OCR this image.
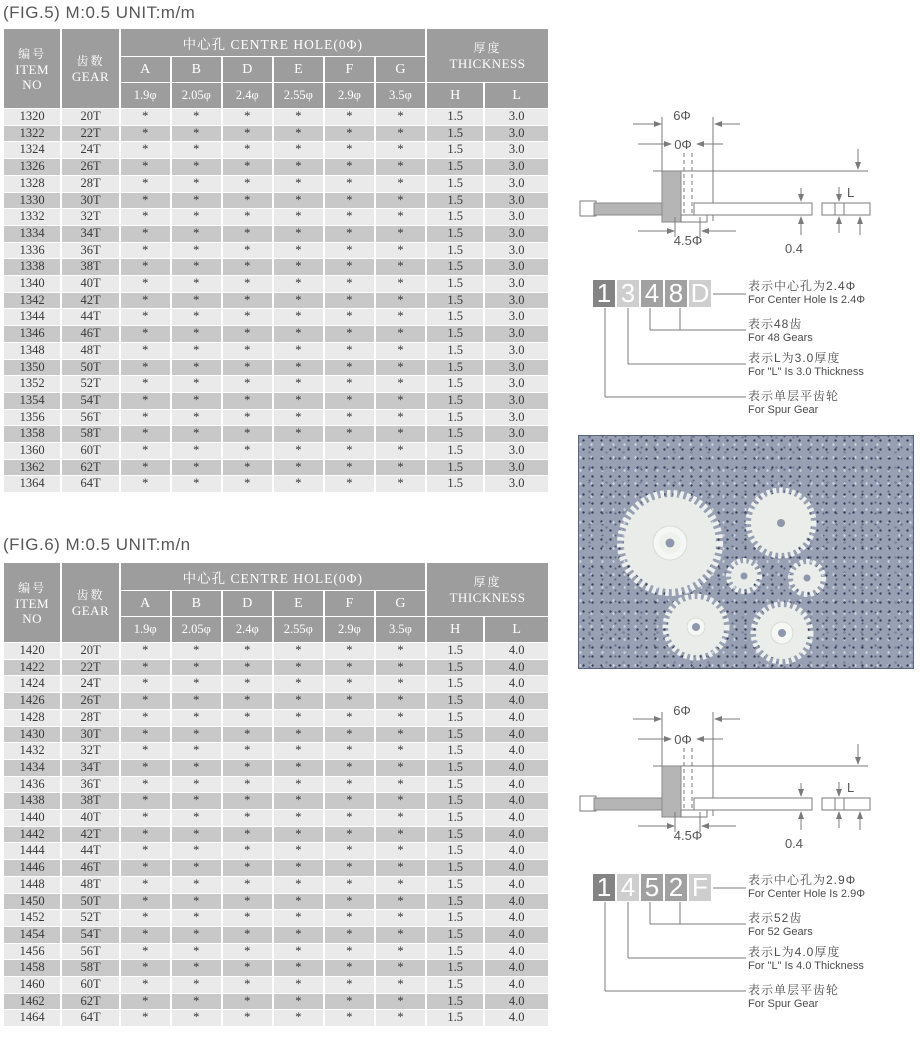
(FIG.5) M:0.5 UNIT:m/m
编号
ITEM NO	齿数
GEAR	中心孔 CENTRE HOLE(0Φ)						厚度
THICKNESS	

		A	B	D	E	F	G		
		1.9φ	2.05φ	2.4φ	2.55φ	2.9φ	3.5φ	H	L
1320	20T	*	*	*	*	*	*	1.5	3.0
1322	22T	*	*	*	*	*	*	1.5	3.0
1324	24T	*	*	*	*	*	*	1.5	3.0
1326	26T	*	*	*	*	*	*	1.5	3.0
1328	28T	*	*	*	*	*	*	1.5	3.0
1330	30T	*	*	*	*	*	*	1.5	3.0
1332	32T	*	*	*	*	*	*	1.5	3.0
1334	34T	*	*	*	*	*	*	1.5	3.0
1336	36T	*	*	*	*	*	*	1.5	3.0
1338	38T	*	*	*	*	*	*	1.5	3.0
1340	40T	*	*	*	*	*	*	1.5	3.0
1342	42T	*	*	*	*	*	*	1.5	3.0
1344	44T	*	*	*	*	*	*	1.5	3.0
1346	46T	*	*	*	*	*	*	1.5	3.0
1348	48T	*	*	*	*	*	*	1.5	3.0
1350	50T	*	*	*	*	*	*	1.5	3.0
1352	52T	*	*	*	*	*	*	1.5	3.0
1354	54T	*	*	*	*	*	*	1.5	3.0
1356	56T	*	*	*	*	*	*	1.5	3.0
1358	58T	*	*	*	*	*	*	1.5	3.0
1360	60T	*	*	*	*	*	*	1.5	3.0
1362	62T	*	*	*	*	*	*	1.5	3.0
1364	64T	*	*	*	*	*	*	1.5	3.0
(FIG.6) M:0.5 UNIT:m/n
编号
ITEM NO	齿数
GEAR	中心孔 CENTRE HOLE(0Φ)						厚度
THICKNESS	

		A	B	D	E	F	G		
		1.9φ	2.05φ	2.4φ	2.55φ	2.9φ	3.5φ	H	L
1420	20T	*	*	*	*	*	*	1.5	4.0
1422	22T	*	*	*	*	*	*	1.5	4.0
1424	24T	*	*	*	*	*	*	1.5	4.0
1426	26T	*	*	*	*	*	*	1.5	4.0
1428	28T	*	*	*	*	*	*	1.5	4.0
1430	30T	*	*	*	*	*	*	1.5	4.0
1432	32T	*	*	*	*	*	*	1.5	4.0
1434	34T	*	*	*	*	*	*	1.5	4.0
1436	36T	*	*	*	*	*	*	1.5	4.0
1438	38T	*	*	*	*	*	*	1.5	4.0
1440	40T	*	*	*	*	*	*	1.5	4.0
1442	42T	*	*	*	*	*	*	1.5	4.0
1444	44T	*	*	*	*	*	*	1.5	4.0
1446	46T	*	*	*	*	*	*	1.5	4.0
1448	48T	*	*	*	*	*	*	1.5	4.0
1450	50T	*	*	*	*	*	*	1.5	4.0
1452	52T	*	*	*	*	*	*	1.5	4.0
1454	54T	*	*	*	*	*	*	1.5	4.0
1456	56T	*	*	*	*	*	*	1.5	4.0
1458	58T	*	*	*	*	*	*	1.5	4.0
1460	60T	*	*	*	*	*	*	1.5	4.0
1462	62T	*	*	*	*	*	*	1.5	4.0
1464	64T	*	*	*	*	*	*	1.5	4.0
6Φ
0Φ
L
0.4
4.5Φ
1 3 4 8 D	表示中心孔为2.4Φ
For Center Hole Is 2.4Φ
表示48齿
For 48 Gears
表示L为3.0厚度
For "L" Is 3.0 Thickness
表示单层平齿轮
For Spur Gear
6Φ
0Φ
L
0.4
4.5Φ
1 4 5 2 F	表示中心孔为2.9Φ
For Center Hole Is 2.9Φ
表示52齿
For 52 Gears
表示L为4.0厚度
For "L" Is 4.0 Thickness
表示单层平齿轮
For Spur Gear
